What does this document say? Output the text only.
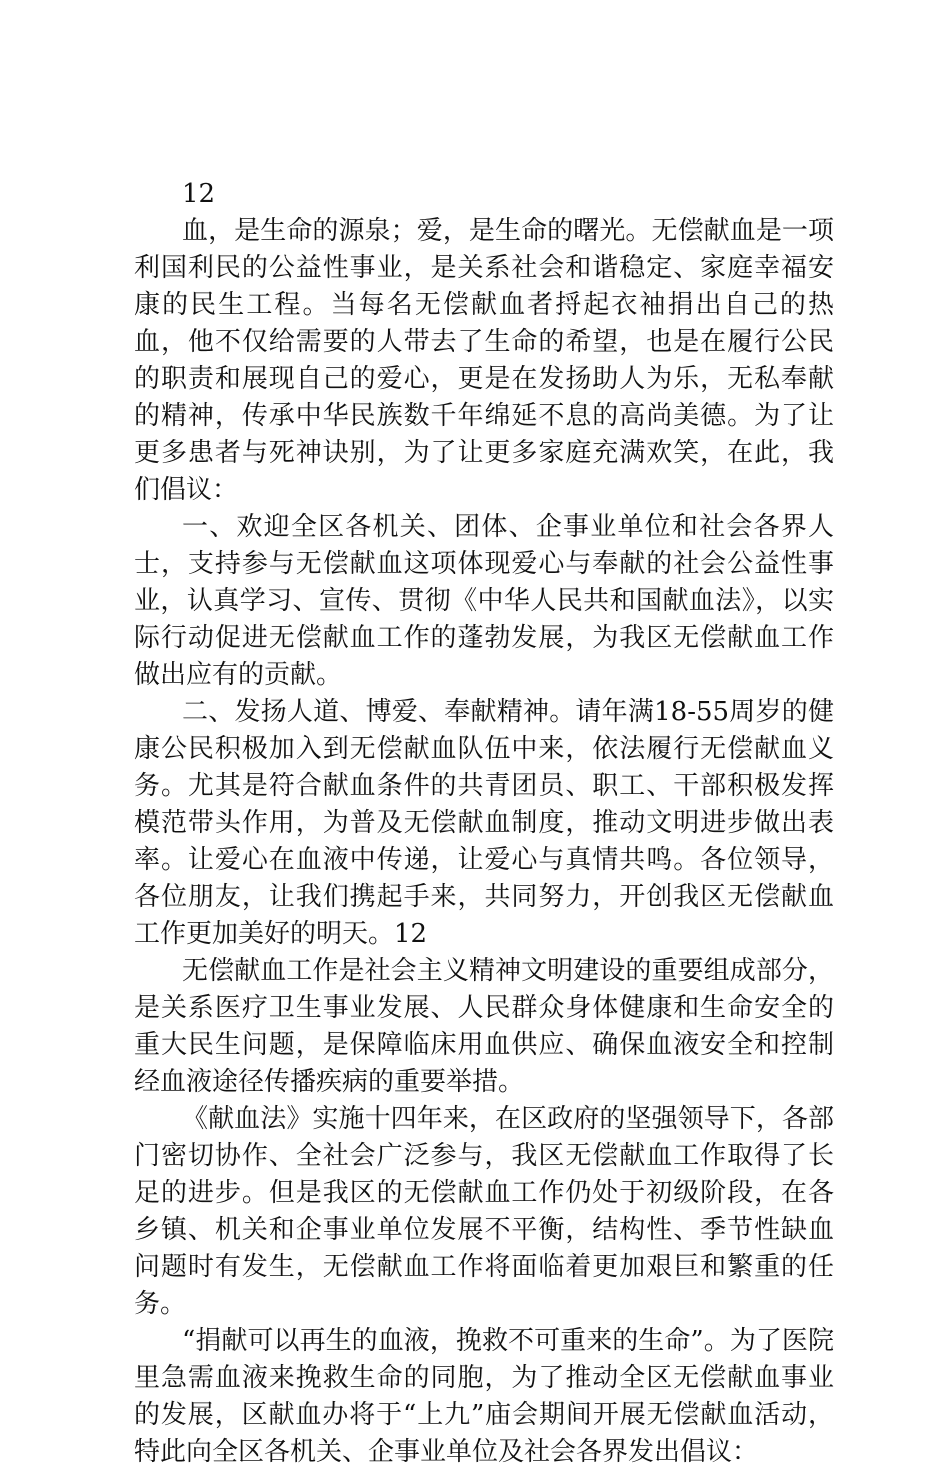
12

血，是生命的源泉；爱，是生命的曙光。无偿献血是一项利国利民的公益性事业，是关系社会和谐稳定、家庭幸福安康的民生工程。当每名无偿献血者捋起衣袖捐出自己的热血，他不仅给需要的人带去了生命的希望，也是在履行公民的职责和展现自己的爱心，更是在发扬助人为乐，无私奉献的精神，传承中华民族数千年绵延不息的高尚美德。为了让更多患者与死神诀别，为了让更多家庭充满欢笑，在此，我们倡议：

一、欢迎全区各机关、团体、企事业单位和社会各界人士，支持参与无偿献血这项体现爱心与奉献的社会公益性事业，认真学习、宣传、贯彻《中华人民共和国献血法》，以实际行动促进无偿献血工作的蓬勃发展，为我区无偿献血工作做出应有的贡献。

二、发扬人道、博爱、奉献精神。请年满18-55周岁的健康公民积极加入到无偿献血队伍中来，依法履行无偿献血义务。尤其是符合献血条件的共青团员、职工、干部积极发挥模范带头作用，为普及无偿献血制度，推动文明进步做出表率。让爱心在血液中传递，让爱心与真情共鸣。各位领导，各位朋友，让我们携起手来，共同努力，开创我区无偿献血工作更加美好的明天。12

无偿献血工作是社会主义精神文明建设的重要组成部分，是关系医疗卫生事业发展、人民群众身体健康和生命安全的重大民生问题，是保障临床用血供应、确保血液安全和控制经血液途径传播疾病的重要举措。

《献血法》实施十四年来，在区政府的坚强领导下，各部门密切协作、全社会广泛参与，我区无偿献血工作取得了长足的进步。但是我区的无偿献血工作仍处于初级阶段，在各乡镇、机关和企事业单位发展不平衡，结构性、季节性缺血问题时有发生，无偿献血工作将面临着更加艰巨和繁重的任务。

“捐献可以再生的血液，挽救不可重来的生命”。为了医院里急需血液来挽救生命的同胞，为了推动全区无偿献血事业的发展，区献血办将于“上九”庙会期间开展无偿献血活动，特此向全区各机关、企事业单位及社会各界发出倡议：
